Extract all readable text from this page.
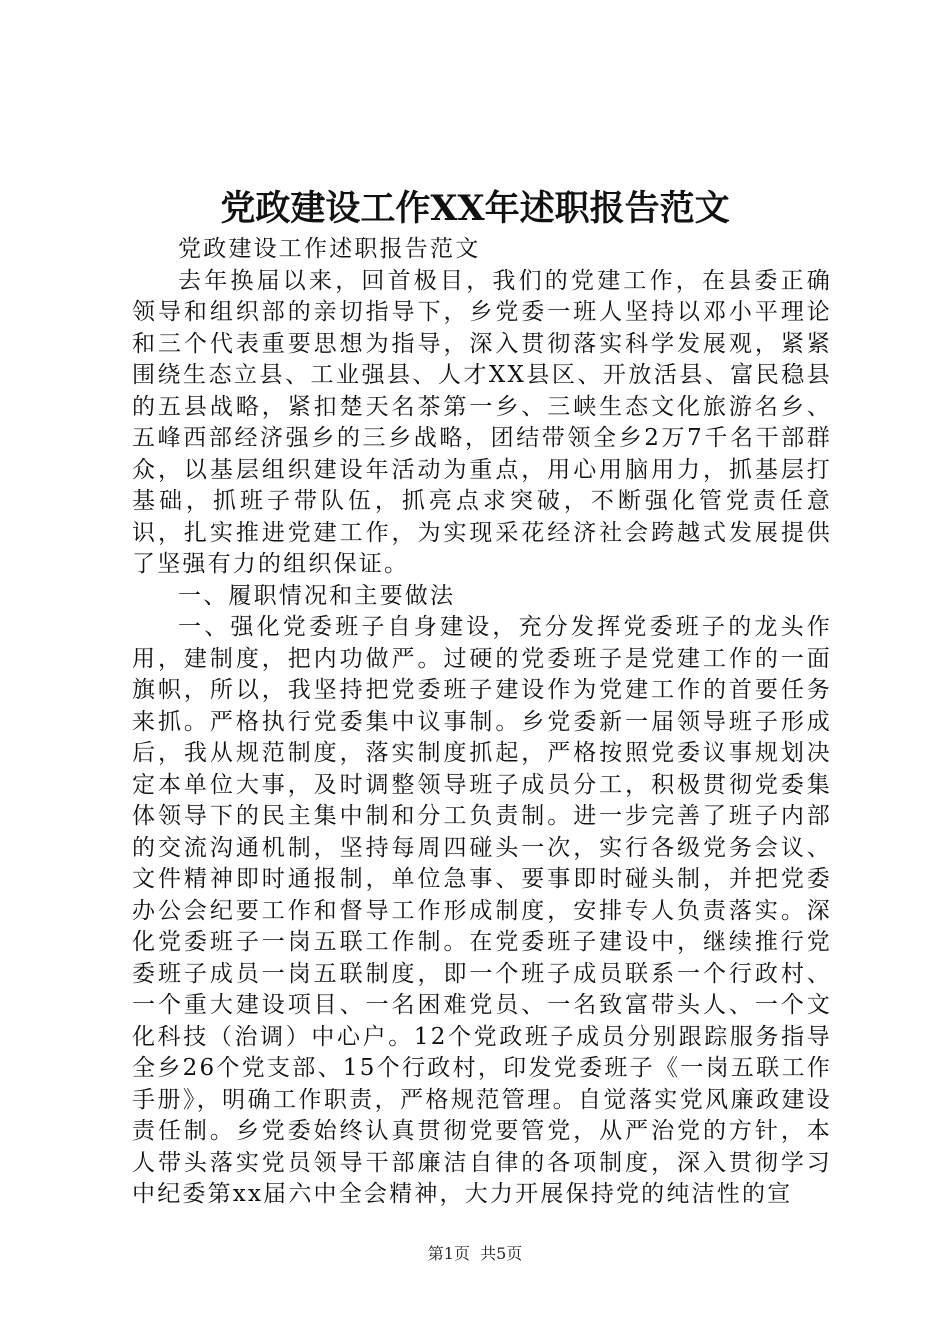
党政建设工作XX年述职报告范文

党政建设工作述职报告范文

去年换届以来，回首极目，我们的党建工作，在县委正确领导和组织部的亲切指导下，乡党委一班人坚持以邓小平理论和三个代表重要思想为指导，深入贯彻落实科学发展观，紧紧围绕生态立县、工业强县、人才XX县区、开放活县、富民稳县的五县战略，紧扣楚天名茶第一乡、三峡生态文化旅游名乡、五峰西部经济强乡的三乡战略，团结带领全乡2万7千名干部群众，以基层组织建设年活动为重点，用心用脑用力，抓基层打基础，抓班子带队伍，抓亮点求突破，不断强化管党责任意识，扎实推进党建工作，为实现采花经济社会跨越式发展提供了坚强有力的组织保证。

一、履职情况和主要做法

一、强化党委班子自身建设，充分发挥党委班子的龙头作用，建制度，把内功做严。过硬的党委班子是党建工作的一面旗帜，所以，我坚持把党委班子建设作为党建工作的首要任务来抓。严格执行党委集中议事制。乡党委新一届领导班子形成后，我从规范制度，落实制度抓起，严格按照党委议事规划决定本单位大事，及时调整领导班子成员分工，积极贯彻党委集体领导下的民主集中制和分工负责制。进一步完善了班子内部的交流沟通机制，坚持每周四碰头一次，实行各级党务会议、文件精神即时通报制，单位急事、要事即时碰头制，并把党委办公会纪要工作和督导工作形成制度，安排专人负责落实。深化党委班子一岗五联工作制。在党委班子建设中，继续推行党委班子成员一岗五联制度，即一个班子成员联系一个行政村、一个重大建设项目、一名困难党员、一名致富带头人、一个文化科技（治调）中心户。12个党政班子成员分别跟踪服务指导全乡26个党支部、15个行政村，印发党委班子《一岗五联工作手册》，明确工作职责，严格规范管理。自觉落实党风廉政建设责任制。乡党委始终认真贯彻党要管党，从严治党的方针，本人带头落实党员领导干部廉洁自律的各项制度，深入贯彻学习中纪委第xx届六中全会精神，大力开展保持党的纯洁性的宣

第1页  共5页
